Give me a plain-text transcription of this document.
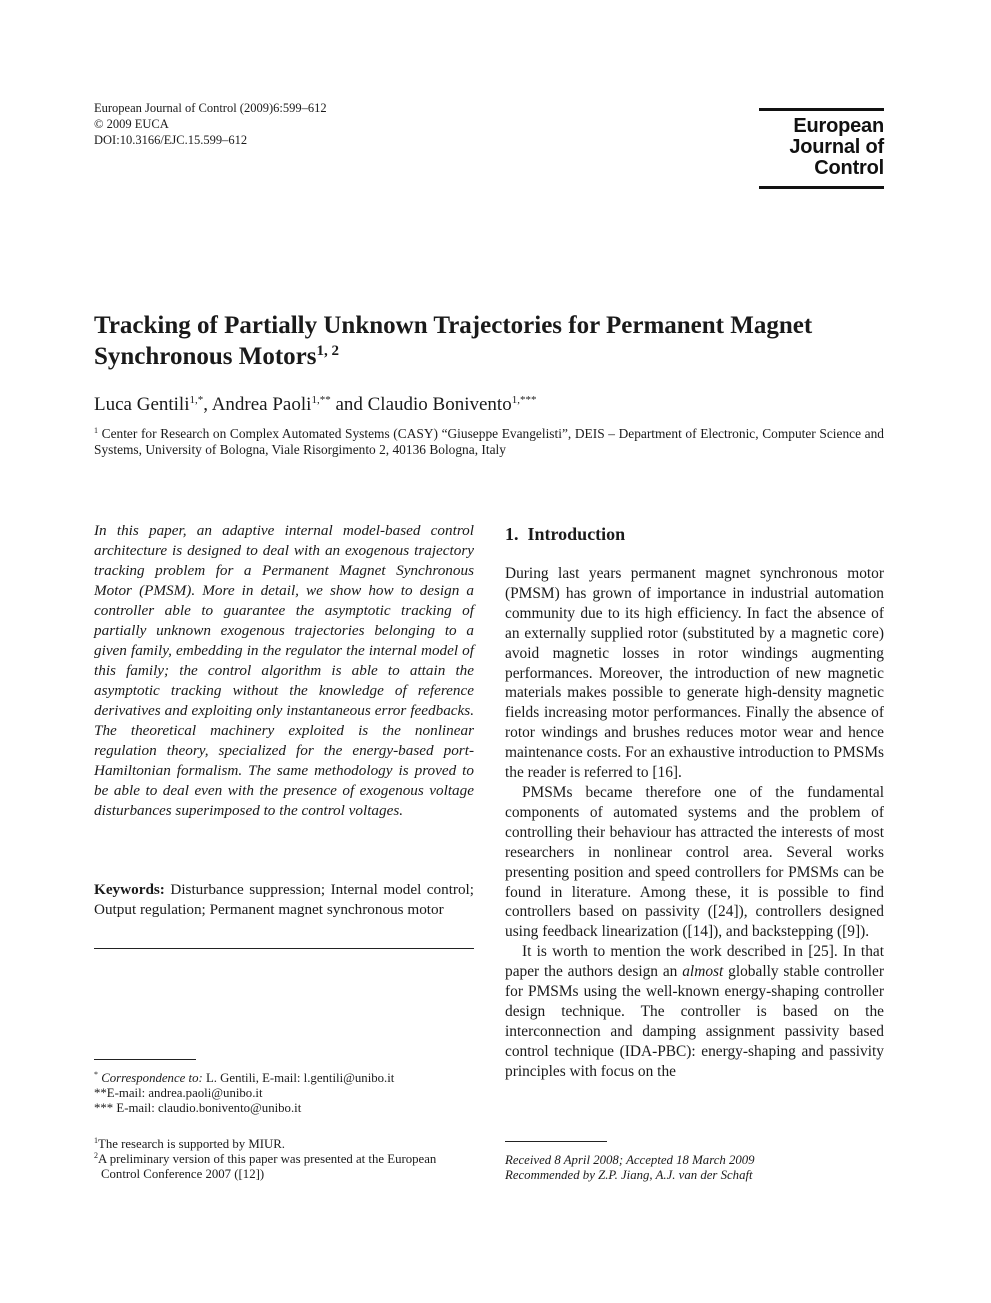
European Journal of Control (2009)6:599–612
© 2009 EUCA
DOI:10.3166/EJC.15.599–612
European
Journal of
Control
Tracking of Partially Unknown Trajectories for Permanent Magnet Synchronous Motors$^{1, 2}$
Luca Gentili$^{1,*}$, Andrea Paoli$^{1,**}$ and Claudio Bonivento$^{1,***}$
$^1$ Center for Research on Complex Automated Systems (CASY) “Giuseppe Evangelisti”, DEIS – Department of Electronic, Computer Science and Systems, University of Bologna, Viale Risorgimento 2, 40136 Bologna, Italy

In this paper, an adaptive internal model-based control architecture is designed to deal with an exogenous trajectory tracking problem for a Permanent Magnet Synchronous Motor (PMSM). More in detail, we show how to design a controller able to guarantee the asymptotic tracking of partially unknown exogenous trajectories belonging to a given family, embedding in the regulator the internal model of this family; the control algorithm is able to attain the asymptotic tracking without the knowledge of reference derivatives and exploiting only instantaneous error feedbacks. The theoretical machinery exploited is the nonlinear regulation theory, specialized for the energy-based port-Hamiltonian formalism. The same methodology is proved to be able to deal even with the presence of exogenous voltage disturbances superimposed to the control voltages.

Keywords: Disturbance suppression; Internal model control; Output regulation; Permanent magnet synchronous motor

* Correspondence to: L. Gentili, E-mail: l.gentili@unibo.it
**E-mail: andrea.paoli@unibo.it
*** E-mail: claudio.bonivento@unibo.it
$^1$The research is supported by MIUR.
$^2$A preliminary version of this paper was presented at the European
Control Conference 2007 ([12])
1. Introduction

During last years permanent magnet synchronous motor (PMSM) has grown of importance in industrial automation community due to its high efficiency. In fact the absence of an externally supplied rotor (substituted by a magnetic core) avoid magnetic losses in rotor windings augmenting performances. Moreover, the introduction of new magnetic materials makes possible to generate high-density magnetic fields increasing motor performances. Finally the absence of rotor windings and brushes reduces motor wear and hence maintenance costs. For an exhaustive introduction to PMSMs the reader is referred to [16].

PMSMs became therefore one of the fundamental components of automated systems and the problem of controlling their behaviour has attracted the interests of most researchers in nonlinear control area. Several works presenting position and speed controllers for PMSMs can be found in literature. Among these, it is possible to find controllers based on passivity ([24]), controllers designed using feedback linearization ([14]), and backstepping ([9]).

It is worth to mention the work described in [25]. In that paper the authors design an almost globally stable controller for PMSMs using the well-known energy-shaping controller design technique. The controller is based on the interconnection and damping assignment passivity based control technique (IDA-PBC): energy-shaping and passivity principles with focus on the

Received 8 April 2008; Accepted 18 March 2009
Recommended by Z.P. Jiang, A.J. van der Schaft
